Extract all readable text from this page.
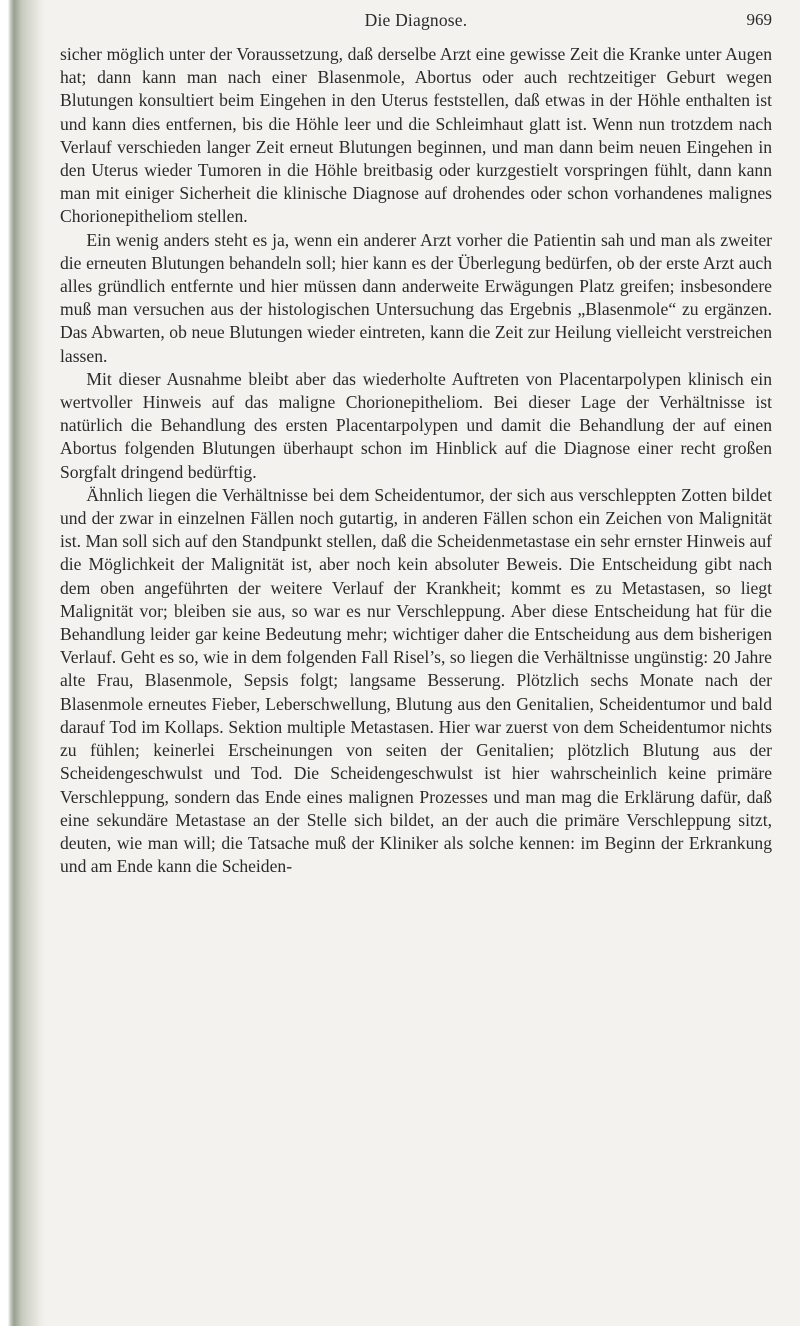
Die Diagnose.	969

sicher möglich unter der Voraussetzung, daß derselbe Arzt eine gewisse Zeit die Kranke unter Augen hat; dann kann man nach einer Blasenmole, Abortus oder auch rechtzeitiger Geburt wegen Blutungen konsultiert beim Eingehen in den Uterus feststellen, daß etwas in der Höhle enthalten ist und kann dies entfernen, bis die Höhle leer und die Schleimhaut glatt ist. Wenn nun trotzdem nach Verlauf verschieden langer Zeit erneut Blutungen beginnen, und man dann beim neuen Eingehen in den Uterus wieder Tumoren in die Höhle breitbasig oder kurzgestielt vorspringen fühlt, dann kann man mit einiger Sicherheit die klinische Diagnose auf drohendes oder schon vorhandenes malignes Chorionepitheliom stellen.

Ein wenig anders steht es ja, wenn ein anderer Arzt vorher die Patientin sah und man als zweiter die erneuten Blutungen behandeln soll; hier kann es der Überlegung bedürfen, ob der erste Arzt auch alles gründlich entfernte und hier müssen dann anderweite Erwägungen Platz greifen; insbesondere muß man versuchen aus der histologischen Untersuchung das Ergebnis „Blasenmole“ zu ergänzen. Das Abwarten, ob neue Blutungen wieder eintreten, kann die Zeit zur Heilung vielleicht verstreichen lassen.

Mit dieser Ausnahme bleibt aber das wiederholte Auftreten von Placentarpolypen klinisch ein wertvoller Hinweis auf das maligne Chorionepitheliom. Bei dieser Lage der Verhältnisse ist natürlich die Behandlung des ersten Placentarpolypen und damit die Behandlung der auf einen Abortus folgenden Blutungen überhaupt schon im Hinblick auf die Diagnose einer recht großen Sorgfalt dringend bedürftig.

Ähnlich liegen die Verhältnisse bei dem Scheidentumor, der sich aus verschleppten Zotten bildet und der zwar in einzelnen Fällen noch gutartig, in anderen Fällen schon ein Zeichen von Malignität ist. Man soll sich auf den Standpunkt stellen, daß die Scheidenmetastase ein sehr ernster Hinweis auf die Möglichkeit der Malignität ist, aber noch kein absoluter Beweis. Die Entscheidung gibt nach dem oben angeführten der weitere Verlauf der Krankheit; kommt es zu Metastasen, so liegt Malignität vor; bleiben sie aus, so war es nur Verschleppung. Aber diese Entscheidung hat für die Behandlung leider gar keine Bedeutung mehr; wichtiger daher die Entscheidung aus dem bisherigen Verlauf. Geht es so, wie in dem folgenden Fall Risel’s, so liegen die Verhältnisse ungünstig: 20 Jahre alte Frau, Blasenmole, Sepsis folgt; langsame Besserung. Plötzlich sechs Monate nach der Blasenmole erneutes Fieber, Leberschwellung, Blutung aus den Genitalien, Scheidentumor und bald darauf Tod im Kollaps. Sektion multiple Metastasen. Hier war zuerst von dem Scheidentumor nichts zu fühlen; keinerlei Erscheinungen von seiten der Genitalien; plötzlich Blutung aus der Scheidengeschwulst und Tod. Die Scheidengeschwulst ist hier wahrscheinlich keine primäre Verschleppung, sondern das Ende eines malignen Prozesses und man mag die Erklärung dafür, daß eine sekundäre Metastase an der Stelle sich bildet, an der auch die primäre Verschleppung sitzt, deuten, wie man will; die Tatsache muß der Kliniker als solche kennen: im Beginn der Erkrankung und am Ende kann die Scheiden-
